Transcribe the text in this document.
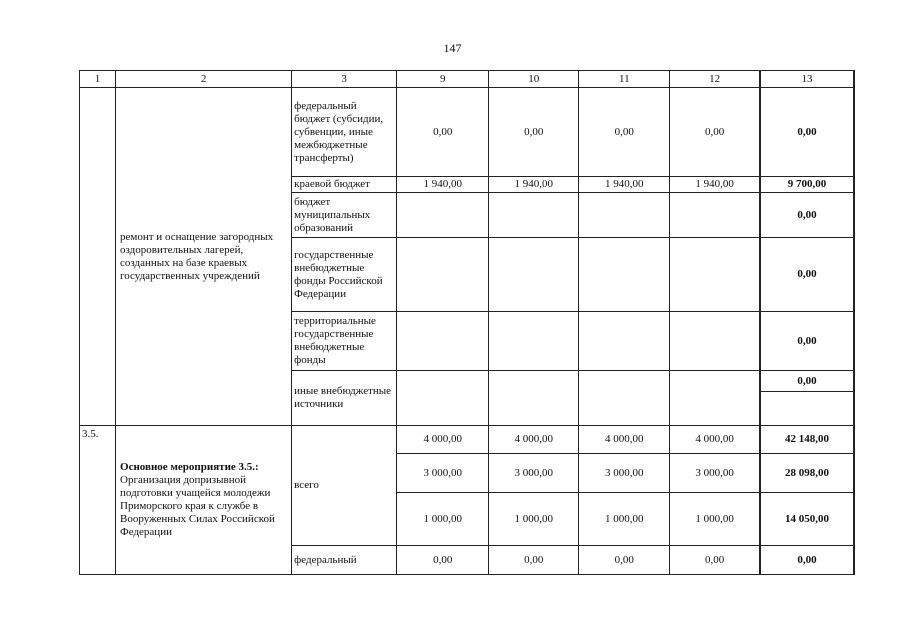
147
1	2	3	9	10	11	12	13
	ремонт и оснащение загородных оздоровительных лагерей, созданных на базе краевых государственных учреждений	федеральный бюджет (субсидии, субвенции, иные межбюджетные трансферты)	0,00	0,00	0,00	0,00	0,00
		краевой бюджет	1 940,00	1 940,00	1 940,00	1 940,00	9 700,00
		бюджет муниципальных образований					0,00
		государственные внебюджетные фонды Российской Федерации					0,00
		территориальные государственные внебюджетные фонды					0,00
		иные внебюджетные источники					0,00

3.5.	Основное мероприятие 3.5.:
Организация допризывной подготовки учащейся молодежи Приморского края к службе в Вооруженных Силах Российской Федерации	всего	4 000,00	4 000,00	4 000,00	4 000,00	42 148,00
			3 000,00	3 000,00	3 000,00	3 000,00	28 098,00
			1 000,00	1 000,00	1 000,00	1 000,00	14 050,00
		федеральный	0,00	0,00	0,00	0,00	0,00
